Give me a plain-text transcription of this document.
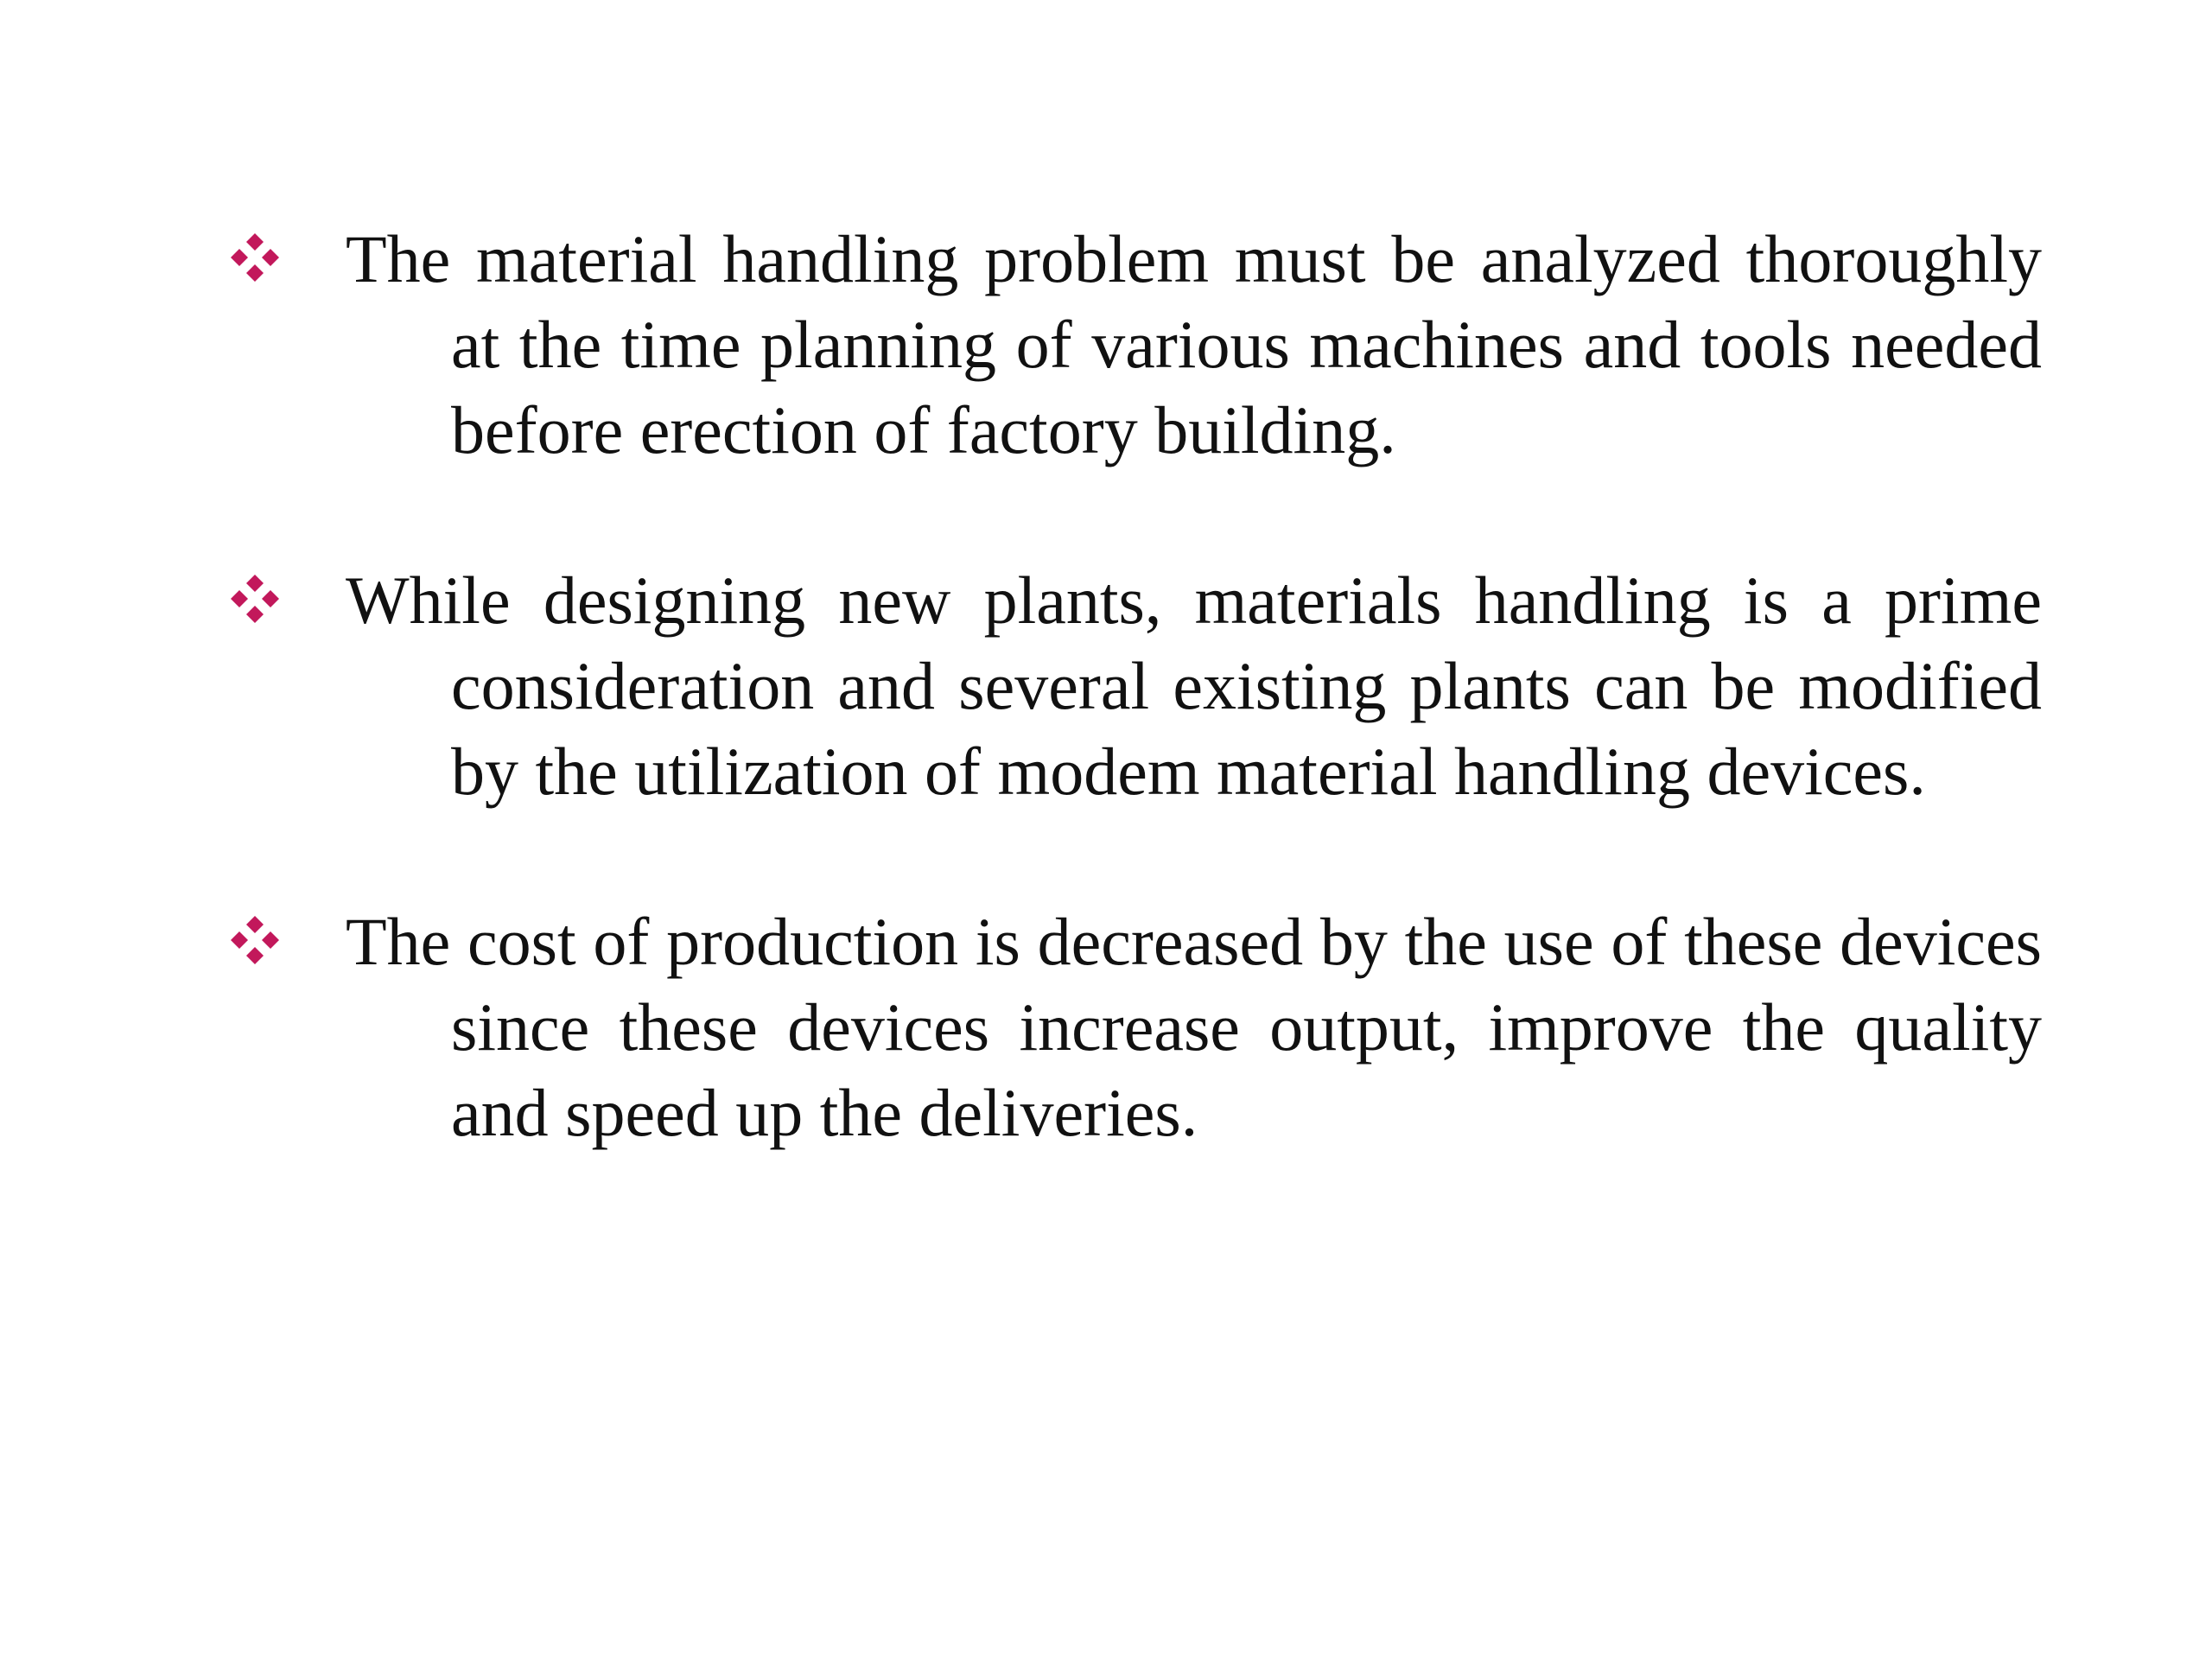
The material handling problem must be analyzed thoroughly at the time planning of various machines and tools needed before erection of factory building.
While designing new plants, materials handling is a prime consideration and several existing plants can be modified by the utilization of modem material handling devices.
The cost of production is decreased by the use of these devices since these devices increase output, improve the quality and speed up the deliveries.
